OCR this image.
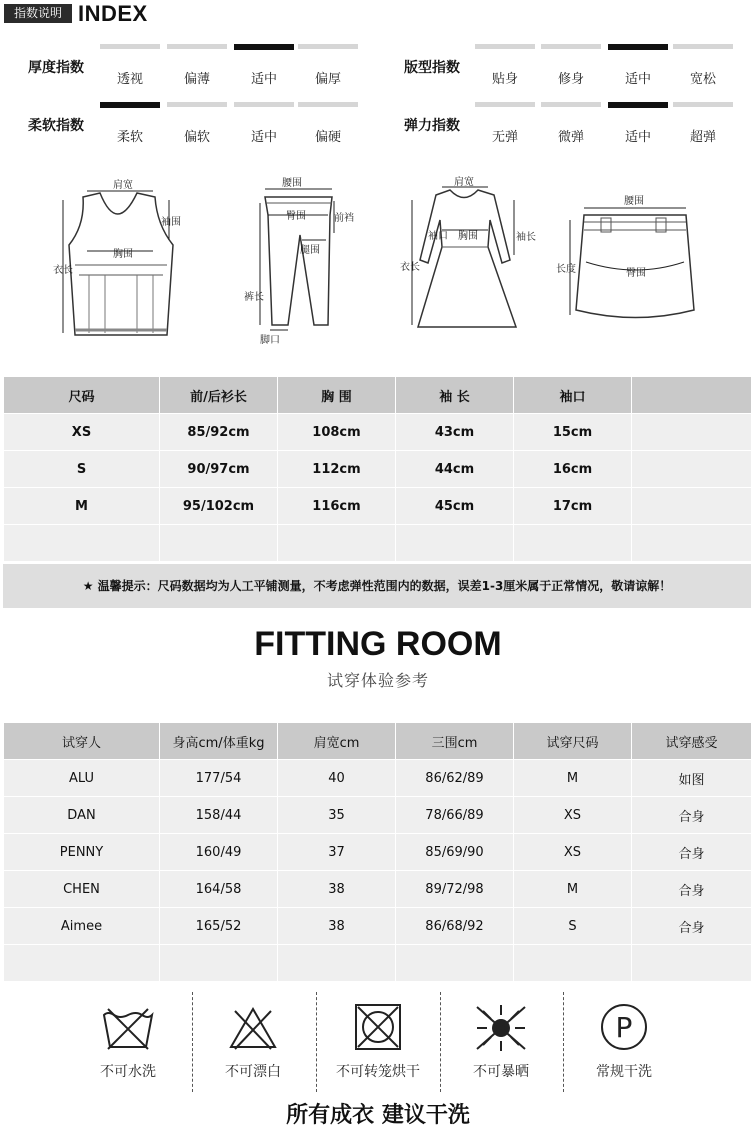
指数说明 INDEX
厚度指数
透视	偏薄	适中	偏厚
版型指数
贴身	修身	适中	宽松
柔软指数
柔软	偏软	适中	偏硬
弹力指数
无弹	微弹	适中	超弹
肩宽
胸围
袖围
衣长
腰围
臀围	前裆
腿围
裤长
脚口
肩宽
袖口 胸围
衣长
袖长
腰围
臀围
长度
尺码	前/后衫长	胸 围	袖 长	袖口	
XS	85/92cm	108cm	43cm	15cm	
S	90/97cm	112cm	44cm	16cm	
M	95/102cm	116cm	45cm	17cm	

★ 温馨提示：尺码数据均为人工平铺测量，不考虑弹性范围内的数据，误差1-3厘米属于正常情况，敬请谅解！
FITTING ROOM
试穿体验参考
试穿人	身高cm/体重kg	肩宽cm	三围cm	试穿尺码	试穿感受
ALU	177/54	40	86/62/89	M	如图
DAN	158/44	35	78/66/89	XS	合身
PENNY	160/49	37	85/69/90	XS	合身
CHEN	164/58	38	89/72/98	M	合身
Aimee	165/52	38	86/68/92	S	合身

不可水洗	不可漂白	不可转笼烘干	不可暴晒
P
常规干洗
所有成衣 建议干洗
